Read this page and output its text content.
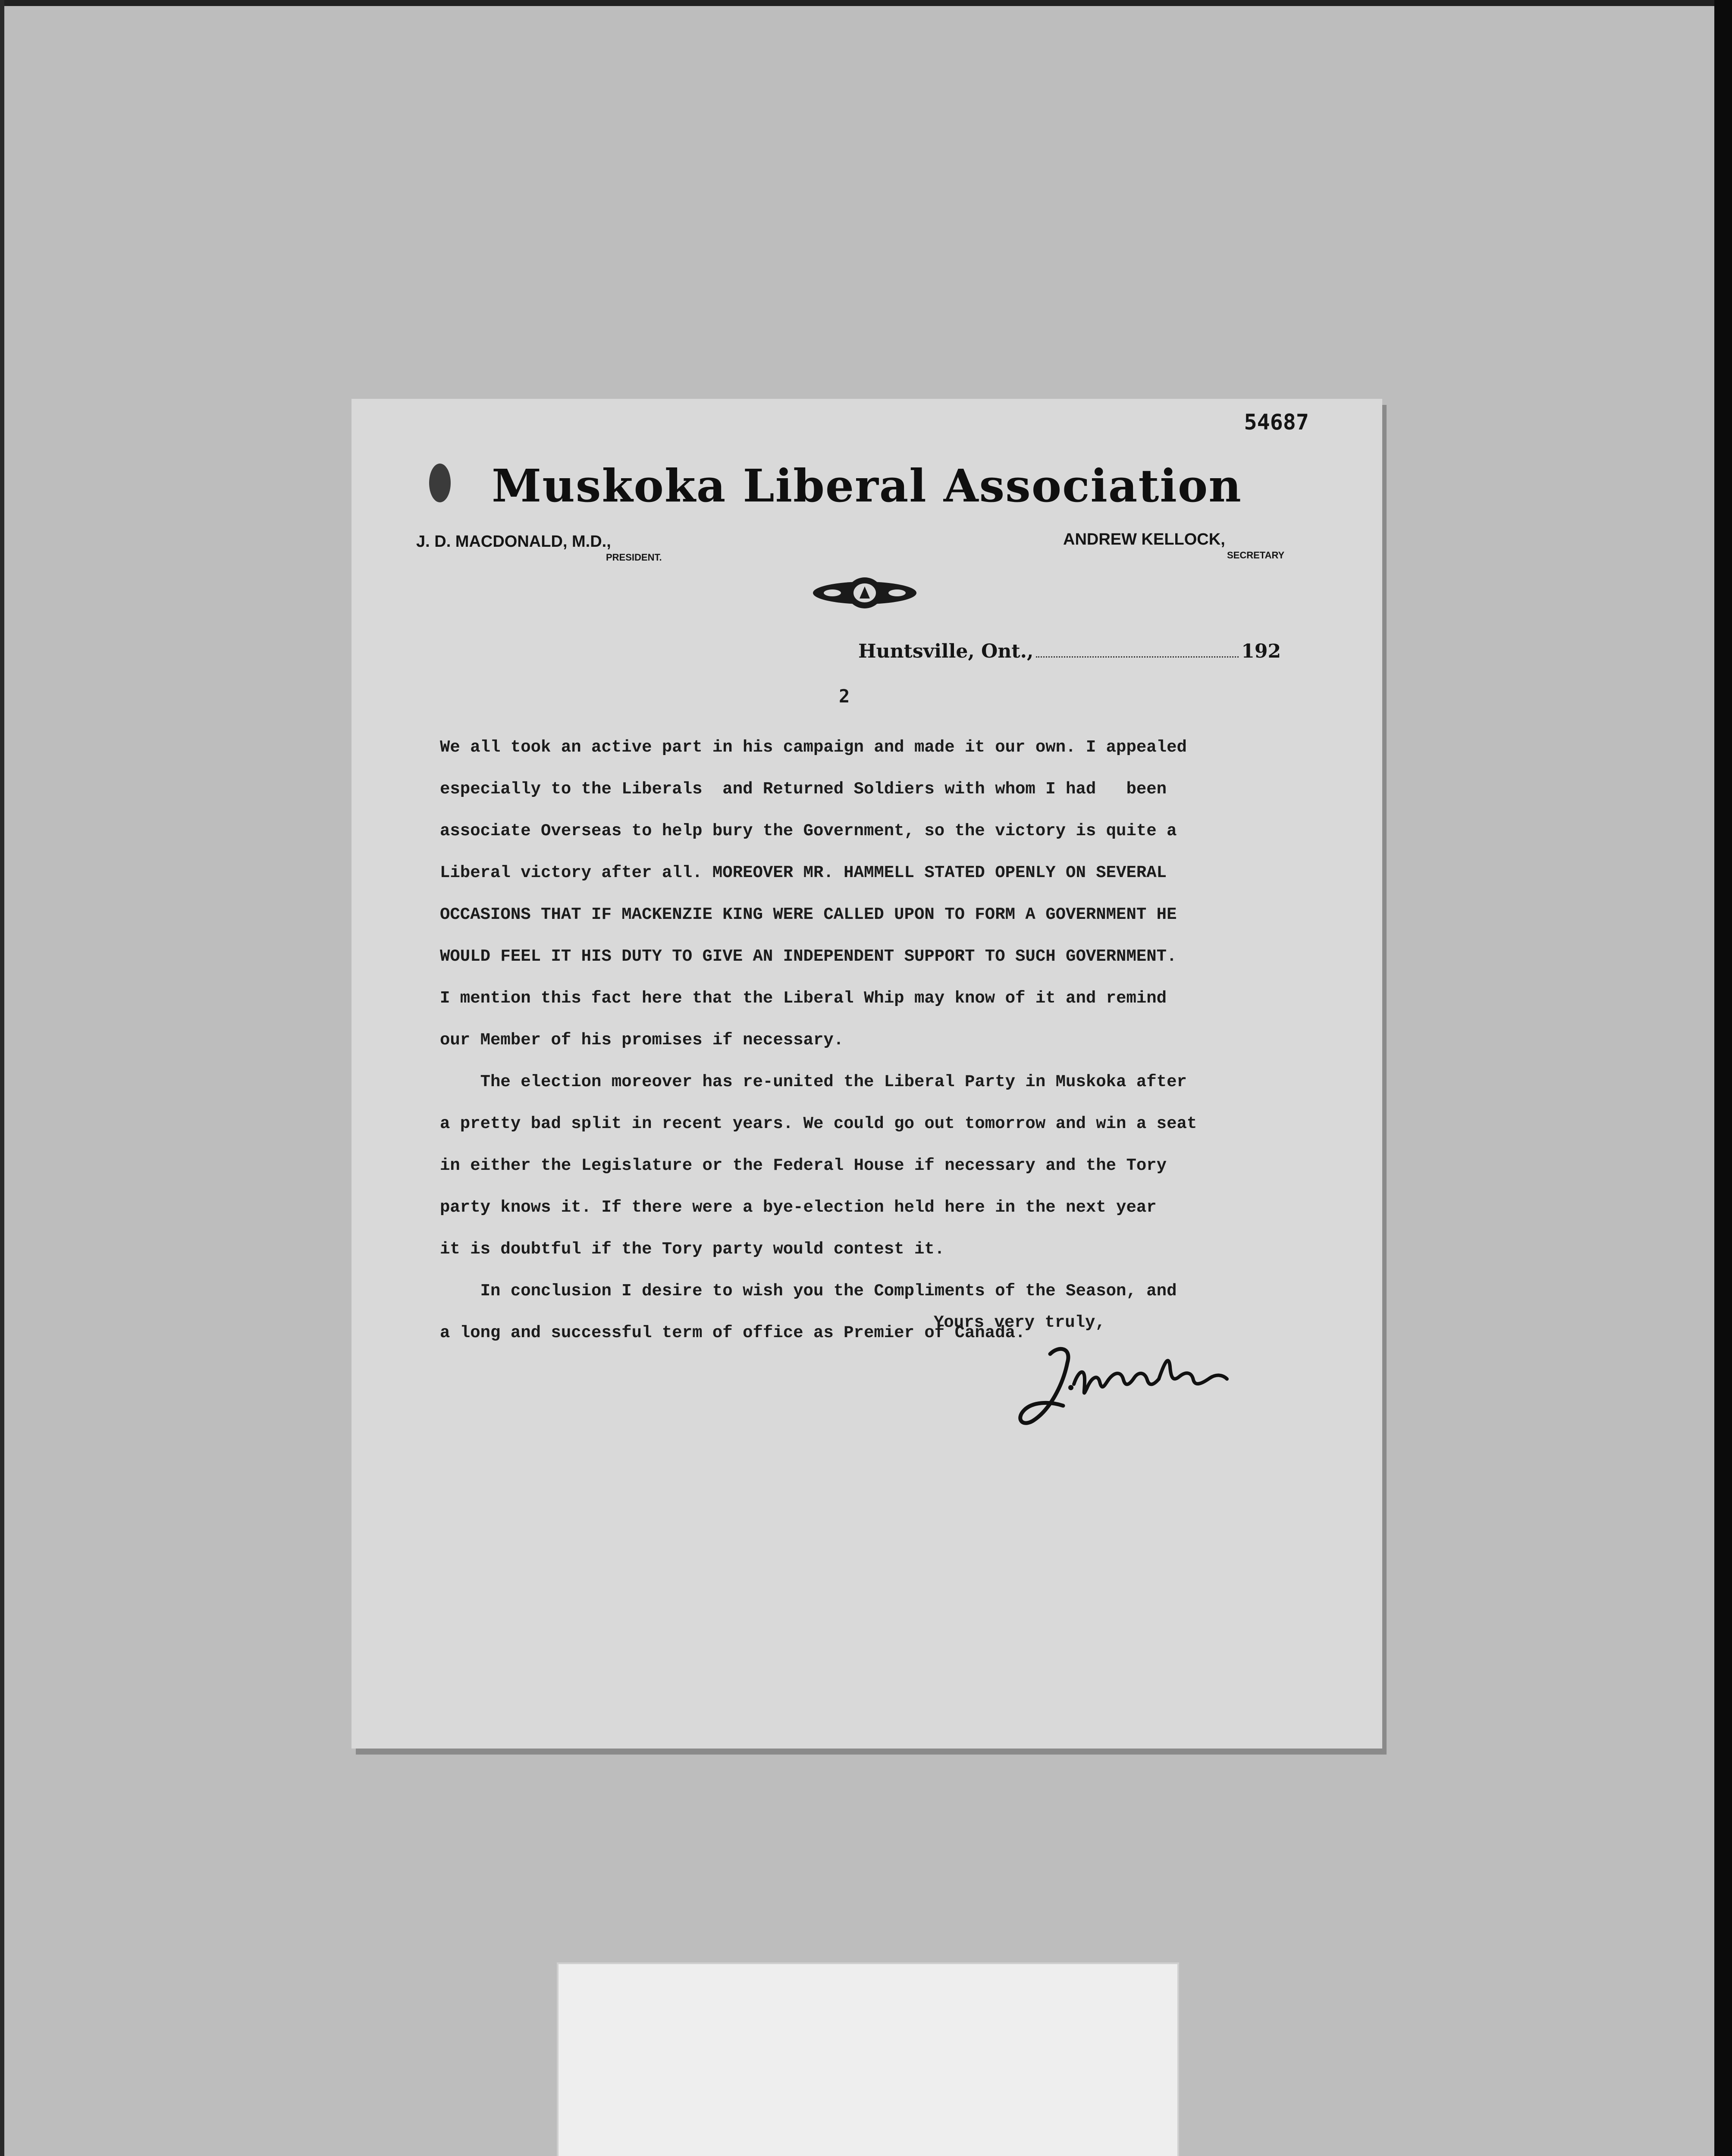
54687
Muskoka Liberal Association
J. D. MACDONALD, M.D.,
PRESIDENT.
ANDREW KELLOCK,
SECRETARY
Huntsville, Ont.,	192
2

We all took an active part in his campaign and made it our own. I appealed

especially to the Liberals  and Returned Soldiers with whom I had   been

associate Overseas to help bury the Government, so the victory is quite a

Liberal victory after all. MOREOVER MR. HAMMELL STATED OPENLY ON SEVERAL

OCCASIONS THAT IF MACKENZIE KING WERE CALLED UPON TO FORM A GOVERNMENT HE

WOULD FEEL IT HIS DUTY TO GIVE AN INDEPENDENT SUPPORT TO SUCH GOVERNMENT.

I mention this fact here that the Liberal Whip may know of it and remind

our Member of his promises if necessary.

The election moreover has re-united the Liberal Party in Muskoka after

a pretty bad split in recent years. We could go out tomorrow and win a seat

in either the Legislature or the Federal House if necessary and the Tory

party knows it. If there were a bye-election held here in the next year

it is doubtful if the Tory party would contest it.

In conclusion I desire to wish you the Compliments of the Season, and

a long and successful term of office as Premier of Canada.

Yours very truly,
